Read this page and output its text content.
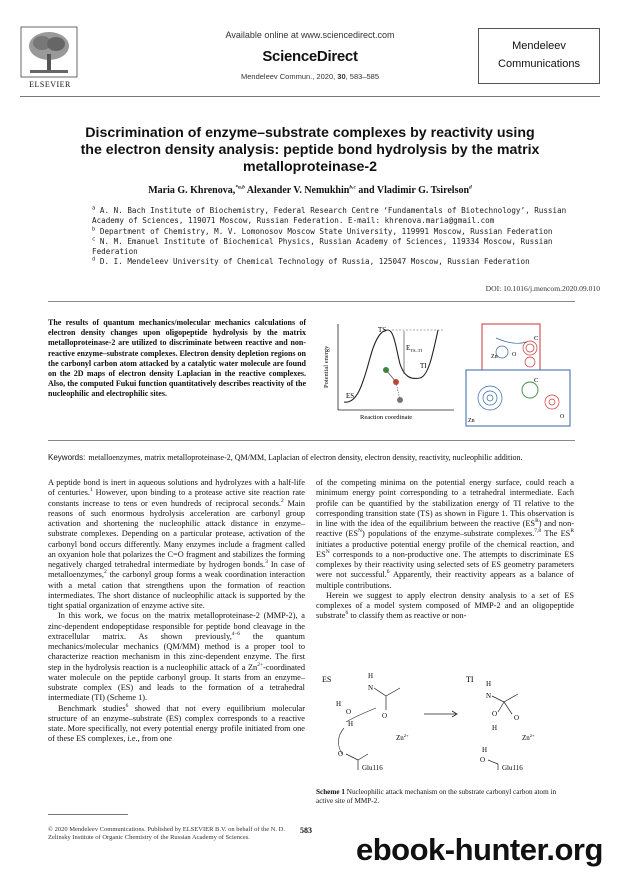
ELSEVIER
Available online at www.sciencedirect.com
ScienceDirect
Mendeleev Commun., 2020, 30, 583–585
Mendeleev
Communications
Discrimination of enzyme–substrate complexes by reactivity using the electron density analysis: peptide bond hydrolysis by the matrix metalloproteinase-2
Maria G. Khrenova,$^{*a,b}$ Alexander V. Nemukhin$^{b,c}$ and Vladimir G. Tsirelson$^d$
$^a$ A. N. Bach Institute of Biochemistry, Federal Research Centre ‘Fundamentals of Biotechnology’, Russian Academy of Sciences, 119071 Moscow, Russian Federation. E-mail: khrenova.maria@gmail.com
$^b$ Department of Chemistry, M. V. Lomonosov Moscow State University, 119991 Moscow, Russian Federation
$^c$ N. M. Emanuel Institute of Biochemical Physics, Russian Academy of Sciences, 119334 Moscow, Russian Federation
$^d$ D. I. Mendeleev University of Chemical Technology of Russia, 125047 Moscow, Russian Federation
DOI: 10.1016/j.mencom.2020.09.010
The results of quantum mechanics/molecular mechanics calculations of electron density changes upon oligopeptide hydrolysis by the matrix metalloproteinase-2 are utilized to discriminate between reactive and non-reactive enzyme–substrate complexes. Electron density depletion regions on the carbonyl carbon atom attacked by a catalytic water molecule are found on the 2D maps of electron density Laplacian in the reactive complexes. Also, the computed Fukui function quantitatively describes reactivity of the nucleophilic and electrophilic sites.
Potential energy
Reaction coordinate
TS
ES
TI
$E_{TS-TI}$
C
Zn O
C
Zn
O
Keywords: metalloenzymes, matrix metalloproteinase-2, QM/MM, Laplacian of electron density, electron density, reactivity, nucleophilic addition.

A peptide bond is inert in aqueous solutions and hydrolyzes with a half-life of centuries.$^1$ However, upon binding to a protease active site reaction rate constants increase to tens or even hundreds of reciprocal seconds.$^2$ Main reasons of such enormous hydrolysis acceleration are carbonyl group activation and shortening the nucleophilic attack distance in enzyme–substrate complexes. Depending on a particular protease, activation of the carbonyl bond occurs differently. Many enzymes include a fragment called an oxyanion hole that polarizes the C=O fragment and stabilizes the forming negatively charged tetrahedral intermediate by hydrogen bonds.$^3$ In case of metalloenzymes,$^2$ the carbonyl group forms a weak coordination interaction with a metal cation that strengthens upon the formation of reaction intermediates. The short distance of nucleophilic attack is supported by the tight spatial organization of enzyme active site.

In this work, we focus on the matrix metalloproteinase-2 (MMP-2), a zinc-dependent endopeptidase responsible for peptide bond cleavage in the extracellular matrix. As shown previously,$^{4-6}$ the quantum mechanics/molecular mechanics (QM/MM) method is a proper tool to characterize reaction mechanism in this zinc-dependent enzyme. The first step in the hydrolysis reaction is a nucleophilic attack of a $Zn^{2+}$-coordinated water molecule on the peptide carbonyl group. It starts from an enzyme–substrate complex (ES) and leads to the formation of a tetrahedral intermediate (TI) (Scheme 1).

Benchmark studies$^6$ showed that not every equilibrium molecular structure of an enzyme–substrate (ES) complex corresponds to a reactive state. More specifically, not every potential energy profile initiated from one of these ES complexes, i.e., from one

of the competing minima on the potential energy surface, could reach a minimum energy point corresponding to a tetrahedral intermediate. Each profile can be quantified by the stabilization energy of TI relative to the corresponding transition state (TS) as shown in Figure 1. This observation is in line with the idea of the equilibrium between the reactive $(ES^R)$ and non-reactive $(ES^N)$ populations of the enzyme–substrate complexes.$^{7,8}$ The $ES^R$ initiates a productive potential energy profile of the chemical reaction, and $ES^N$ corresponds to a non-productive one. The attempts to discriminate ES complexes by their reactivity using selected sets of ES geometry parameters were not successful.$^6$ Apparently, their reactivity appears as a balance of multiple contributions.

Herein we suggest to apply electron density analysis to a set of ES complexes of a model system composed of MMP-2 and an oligopeptide substrate$^6$ to classify them as reactive or non-

ES	H
N
O
H
O
H
$Zn^{2+}$
O
Glu116
TI H
N
O
O
H
$Zn^{2+}$
H
O
Glu116
Scheme 1 Nucleophilic attack mechanism on the substrate carbonyl carbon atom in active site of MMP-2.
© 2020 Mendeleev Communications. Published by ELSEVIER B.V. on behalf of the N. D. Zelinsky Institute of Organic Chemistry of the Russian Academy of Sciences.
583
ebook-hunter.org
